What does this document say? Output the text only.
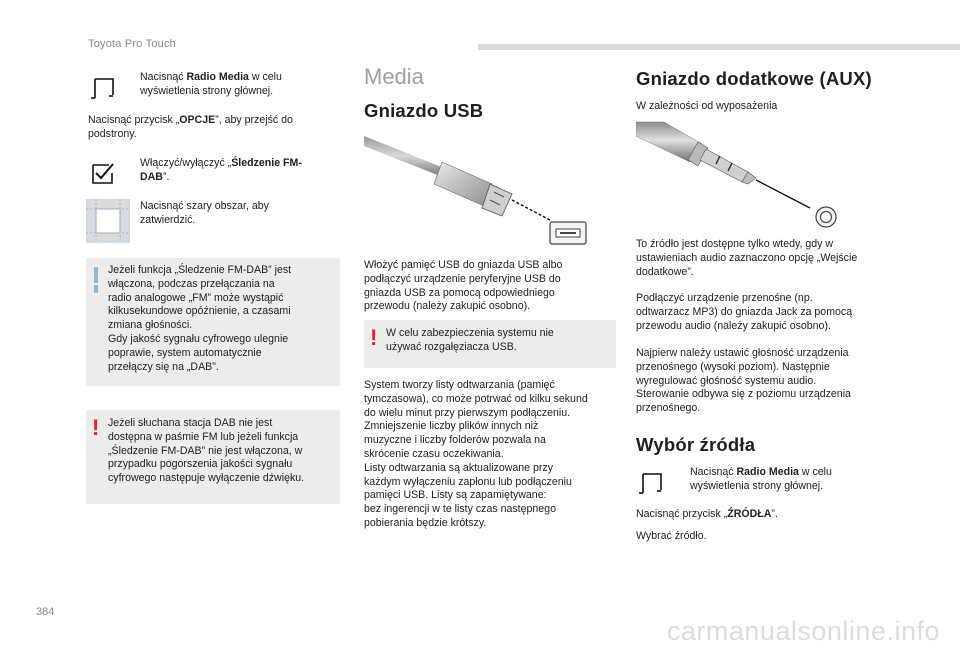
Toyota Pro Touch
Nacisnąć Radio Media w celu
wyświetlenia strony głównej.
Nacisnąć przycisk „OPCJE”, aby przejść do
podstrony.
Włączyć/wyłączyć „Śledzenie FM-
DAB”.
Nacisnąć szary obszar, aby
zatwierdzić.
Jeżeli funkcja „Śledzenie FM-DAB” jest
włączona, podczas przełączania na
radio analogowe „FM” może wystąpić
kilkusekundowe opóźnienie, a czasami
zmiana głośności.
Gdy jakość sygnału cyfrowego ulegnie
poprawie, system automatycznie
przełączy się na „DAB”.
! Jeżeli słuchana stacja DAB nie jest
dostępna w paśmie FM lub jeżeli funkcja
„Śledzenie FM-DAB” nie jest włączona, w
przypadku pogorszenia jakości sygnału
cyfrowego następuje wyłączenie dźwięku.
Media
Gniazdo USB
Włożyć pamięć USB do gniazda USB albo
podłączyć urządzenie peryferyjne USB do
gniazda USB za pomocą odpowiedniego
przewodu (należy zakupić osobno).
! W celu zabezpieczenia systemu nie
używać rozgałęziacza USB.
System tworzy listy odtwarzania (pamięć
tymczasowa), co może potrwać od kilku sekund
do wielu minut przy pierwszym podłączeniu.
Zmniejszenie liczby plików innych niż
muzyczne i liczby folderów pozwala na
skrócenie czasu oczekiwania.
Listy odtwarzania są aktualizowane przy
każdym wyłączeniu zapłonu lub podłączeniu
pamięci USB. Listy są zapamiętywane:
bez ingerencji w te listy czas następnego
pobierania będzie krótszy.
Gniazdo dodatkowe (AUX)
W zależności od wyposażenia
To źródło jest dostępne tylko wtedy, gdy w
ustawieniach audio zaznaczono opcję „Wejście
dodatkowe”.
Podłączyć urządzenie przenośne (np.
odtwarzacz MP3) do gniazda Jack za pomocą
przewodu audio (należy zakupić osobno).
Najpierw należy ustawić głośność urządzenia
przenośnego (wysoki poziom). Następnie
wyregulować głośność systemu audio.
Sterowanie odbywa się z poziomu urządzenia
przenośnego.
Wybór źródła
Nacisnąć Radio Media w celu
wyświetlenia strony głównej.
Nacisnąć przycisk „ŹRÓDŁA”.
Wybrać źródło.
384
carmanualsonline.info
